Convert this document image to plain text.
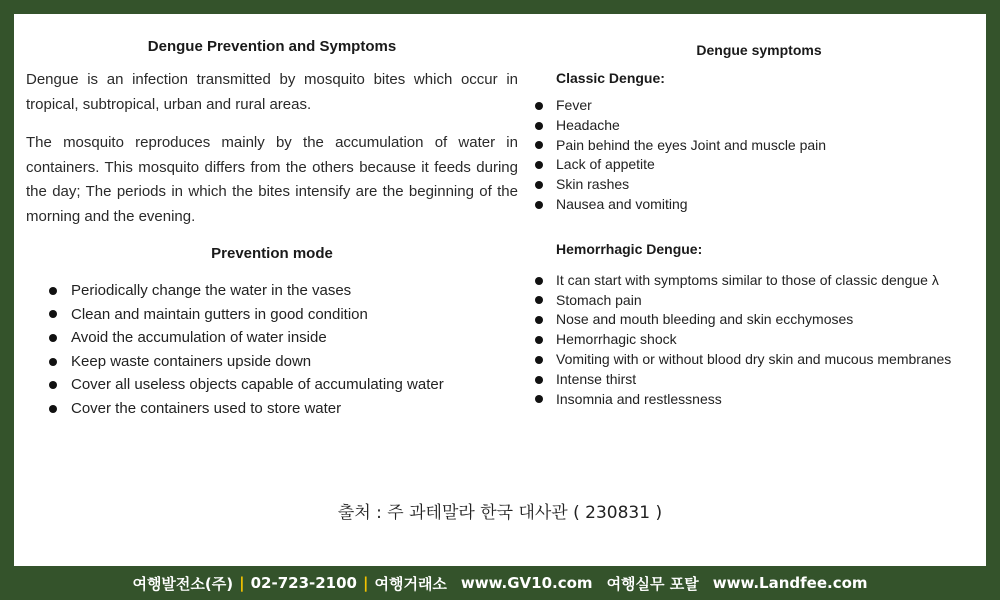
Dengue Prevention and Symptoms

Dengue is an infection transmitted by mosquito bites which occur in tropical, subtropical, urban and rural areas.

The mosquito reproduces mainly by the accumulation of water in containers. This mosquito differs from the others because it feeds during the day; The periods in which the bites intensify are the beginning of the morning and the evening.

Prevention mode
Periodically change the water in the vases
Clean and maintain gutters in good condition
Avoid the accumulation of water inside
Keep waste containers upside down
Cover all useless objects capable of accumulating water
Cover the containers used to store water
Dengue symptoms
Classic Dengue:
Fever
Headache
Pain behind the eyes Joint and muscle pain
Lack of appetite
Skin rashes
Nausea and vomiting
Hemorrhagic Dengue:
It can start with symptoms similar to those of classic dengue λ
Stomach pain
Nose and mouth bleeding and skin ecchymoses
Hemorrhagic shock
Vomiting with or without blood dry skin and mucous membranes
Intense thirst
Insomnia and restlessness
출처 : 주 과테말라 한국 대사관 ( 230831 )
여행발전소(주) | 02-723-2100 | 여행거래소 www.GV10.com 여행실무 포탈 www.Landfee.com
